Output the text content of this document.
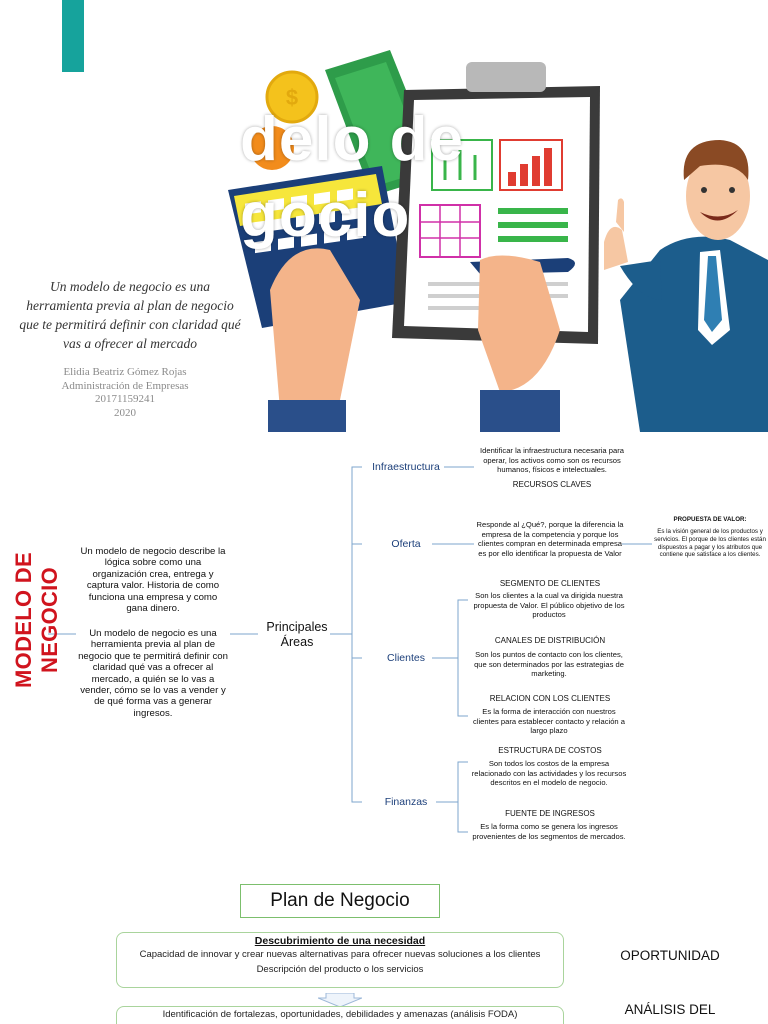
$
delo de
gocio
Un modelo de negocio es una herramienta previa al plan de negocio que te permitirá definir con claridad qué vas a ofrecer al mercado
Elidia Beatriz Gómez Rojas
Administración de Empresas
20171159241
2020
MODELO DE NEGOCIO
Un modelo de negocio describe la lógica sobre como una organización crea, entrega y captura valor. Historia de como funciona una empresa y como gana dinero.
Un modelo de negocio es una herramienta previa al plan de negocio que te permitirá definir con claridad qué vas a ofrecer al mercado, a quién se lo vas a vender, cómo se lo vas a vender y de qué forma vas a generar ingresos.
Principales Áreas
Infraestructura
Oferta
Clientes
Finanzas
Identificar la infraestructura necesaria para operar, los activos como son os recursos humanos, físicos e intelectuales.
RECURSOS CLAVES
Responde al ¿Qué?, porque la diferencia la empresa de la competencia y porque los clientes compran en determinada empresa es por ello identificar la propuesta de Valor
PROPUESTA DE VALOR:
Es la visión general de los productos y servicios. El porque de los clientes están dispuestos a pagar y los atributos que contiene que satisface a los clientes.
SEGMENTO DE CLIENTES
Son los clientes a la cual va dirigida nuestra propuesta de Valor. El público objetivo de los productos
CANALES DE DISTRIBUCIÓN
Son los puntos de contacto con los clientes, que son determinados por las estrategias de marketing.
RELACION CON LOS CLIENTES
Es la forma de interacción con nuestros clientes para establecer contacto y relación a largo plazo
ESTRUCTURA DE COSTOS
Son todos los costos de la empresa relacionado con las actividades y los recursos descritos en el modelo de negocio.
FUENTE DE INGRESOS
Es la forma como se genera los ingresos provenientes de los segmentos de mercados.
Plan de Negocio
Descubrimiento de una necesidad
Capacidad de innovar y crear nuevas alternativas para ofrecer nuevas soluciones a los clientes
Descripción del producto o los servicios
OPORTUNIDAD
Identificación de fortalezas, oportunidades, debilidades y amenazas (análisis FODA)	ANÁLISIS DEL
